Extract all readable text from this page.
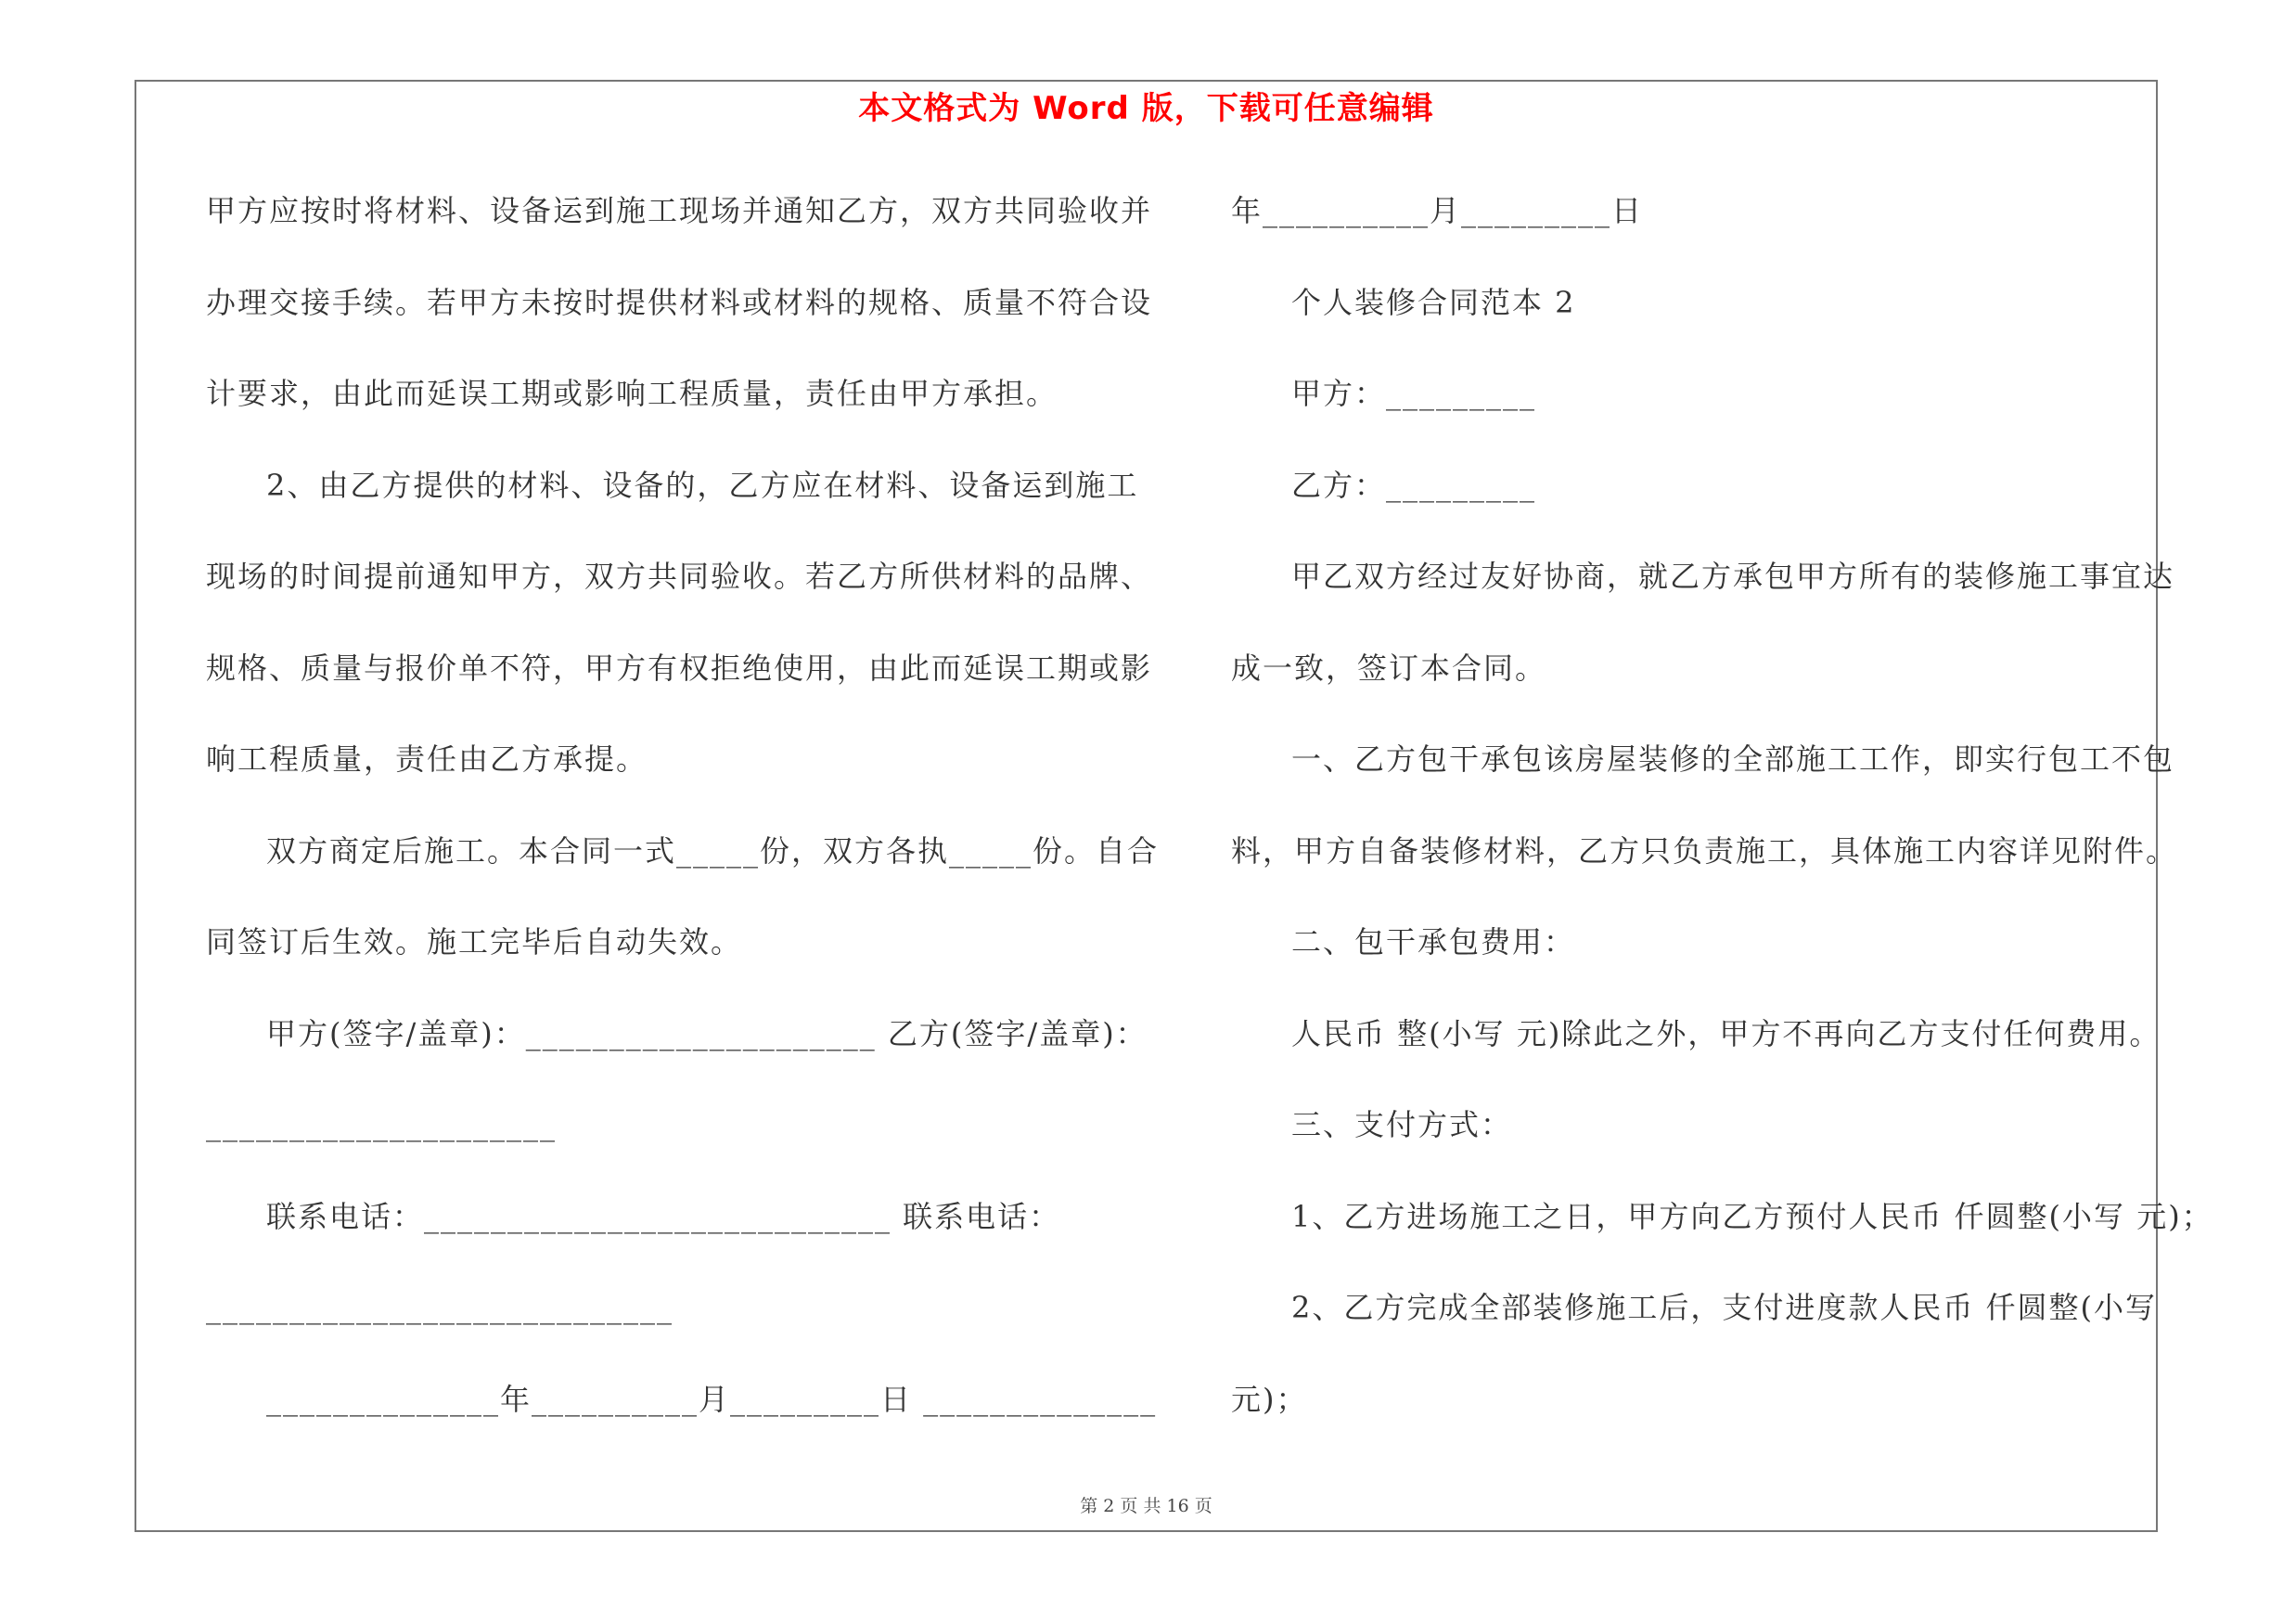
本文格式为 Word 版，下载可任意编辑
甲方应按时将材料、设备运到施工现场并通知乙方，双方共同验收并
办理交接手续。若甲方未按时提供材料或材料的规格、质量不符合设
计要求，由此而延误工期或影响工程质量，责任由甲方承担。
2、由乙方提供的材料、设备的，乙方应在材料、设备运到施工
现场的时间提前通知甲方，双方共同验收。若乙方所供材料的品牌、
规格、质量与报价单不符，甲方有权拒绝使用，由此而延误工期或影
响工程质量，责任由乙方承提。
双方商定后施工。本合同一式_____份，双方各执_____份。自合
同签订后生效。施工完毕后自动失效。
甲方(签字/盖章)：_____________________ 乙方(签字/盖章)：
_____________________
联系电话：____________________________ 联系电话：
____________________________
______________年__________月_________日 ______________
年__________月_________日
个人装修合同范本 2
甲方：_________
乙方：_________
甲乙双方经过友好协商，就乙方承包甲方所有的装修施工事宜达
成一致，签订本合同。
一、乙方包干承包该房屋装修的全部施工工作，即实行包工不包
料，甲方自备装修材料，乙方只负责施工，具体施工内容详见附件。
二、包干承包费用：
人民币 整(小写 元)除此之外，甲方不再向乙方支付任何费用。
三、支付方式：
1、乙方进场施工之日，甲方向乙方预付人民币 仟圆整(小写 元)；
2、乙方完成全部装修施工后，支付进度款人民币 仟圆整(小写
元)；
第 2 页 共 16 页
